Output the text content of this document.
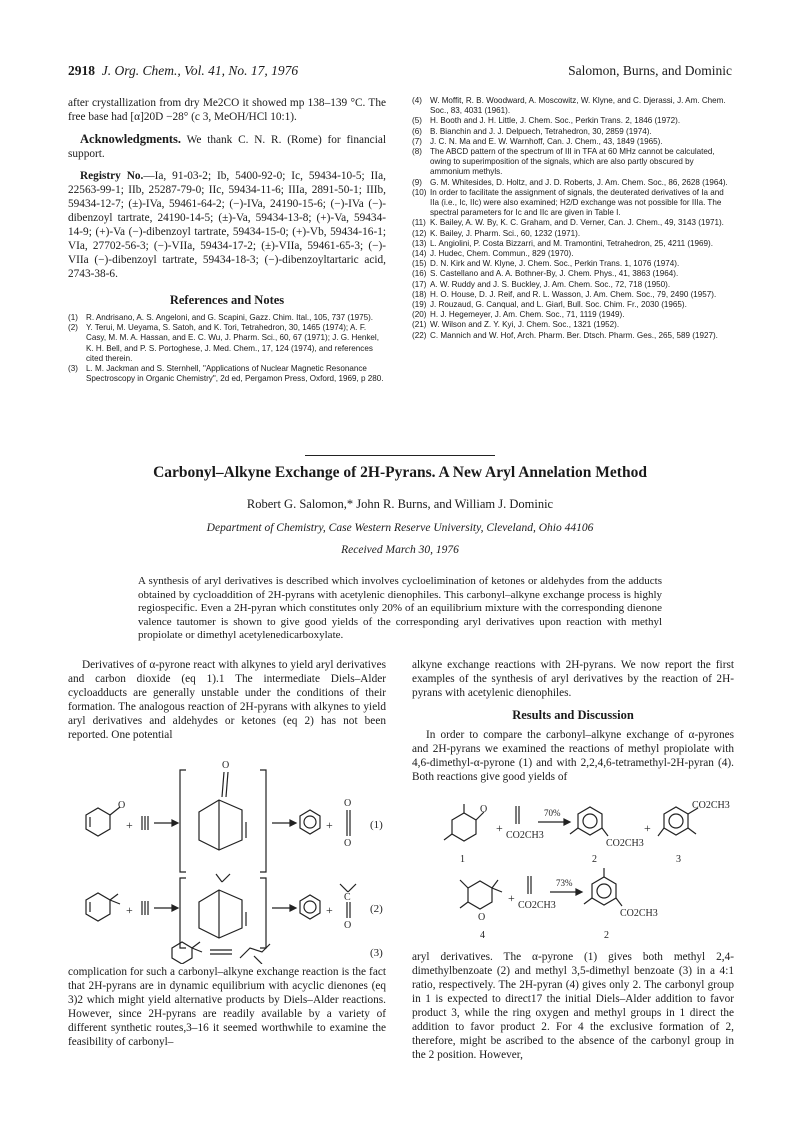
2918 J. Org. Chem., Vol. 41, No. 17, 1976	Salomon, Burns, and Dominic

after crystallization from dry Me2CO it showed mp 138–139 °C. The free base had [α]20D −28° (c 3, MeOH/HCl 10:1).

Acknowledgments. We thank C. N. R. (Rome) for financial support.

Registry No.—Ia, 91-03-2; Ib, 5400-92-0; Ic, 59434-10-5; IIa, 22563-99-1; IIb, 25287-79-0; IIc, 59434-11-6; IIIa, 2891-50-1; IIIb, 59434-12-7; (±)-IVa, 59461-64-2; (−)-IVa, 24190-15-6; (−)-IVa (−)-dibenzoyl tartrate, 24190-14-5; (±)-Va, 59434-13-8; (+)-Va, 59434-14-9; (+)-Va (−)-dibenzoyl tartrate, 59434-15-0; (+)-Vb, 59434-16-1; VIa, 27702-56-3; (−)-VIIa, 59434-17-2; (±)-VIIa, 59461-65-3; (−)-VIIa (−)-dibenzoyl tartrate, 59434-18-3; (−)-dibenzoyltartaric acid, 2743-38-6.

References and Notes

(1) R. Andrisano, A. S. Angeloni, and G. Scapini, Gazz. Chim. Ital., 105, 737 (1975).
(2) Y. Terui, M. Ueyama, S. Satoh, and K. Tori, Tetrahedron, 30, 1465 (1974); A. F. Casy, M. M. A. Hassan, and E. C. Wu, J. Pharm. Sci., 60, 67 (1971); J. G. Henkel, K. H. Bell, and P. S. Portoghese, J. Med. Chem., 17, 124 (1974), and references cited therein.
(3) L. M. Jackman and S. Sternhell, "Applications of Nuclear Magnetic Resonance Spectroscopy in Organic Chemistry", 2d ed, Pergamon Press, Oxford, 1969, p 280.
(4) W. Moffit, R. B. Woodward, A. Moscowitz, W. Klyne, and C. Djerassi, J. Am. Chem. Soc., 83, 4031 (1961).
(5) H. Booth and J. H. Little, J. Chem. Soc., Perkin Trans. 2, 1846 (1972).
(6) B. Bianchin and J. J. Delpuech, Tetrahedron, 30, 2859 (1974).
(7) J. C. N. Ma and E. W. Warnhoff, Can. J. Chem., 43, 1849 (1965).
(8) The ABCD pattern of the spectrum of III in TFA at 60 MHz cannot be calculated, owing to superimposition of the signals, which are also partly obscured by ammonium methyls.
(9) G. M. Whitesides, D. Holtz, and J. D. Roberts, J. Am. Chem. Soc., 86, 2628 (1964).
(10) In order to facilitate the assignment of signals, the deuterated derivatives of Ia and IIa (i.e., Ic, IIc) were also examined; H2/D exchange was not possible for IIIa. The spectral parameters for Ic and IIc are given in Table I.
(11) K. Bailey, A. W. By, K. C. Graham, and D. Verner, Can. J. Chem., 49, 3143 (1971).
(12) K. Bailey, J. Pharm. Sci., 60, 1232 (1971).
(13) L. Angiolini, P. Costa Bizzarri, and M. Tramontini, Tetrahedron, 25, 4211 (1969).
(14) J. Hudec, Chem. Commun., 829 (1970).
(15) D. N. Kirk and W. Klyne, J. Chem. Soc., Perkin Trans. 1, 1076 (1974).
(16) S. Castellano and A. A. Bothner-By, J. Chem. Phys., 41, 3863 (1964).
(17) A. W. Ruddy and J. S. Buckley, J. Am. Chem. Soc., 72, 718 (1950).
(18) H. O. House, D. J. Reif, and R. L. Wasson, J. Am. Chem. Soc., 79, 2490 (1957).
(19) J. Rouzaud, G. Canqual, and L. Giarl, Bull. Soc. Chim. Fr., 2030 (1965).
(20) H. J. Hegemeyer, J. Am. Chem. Soc., 71, 1119 (1949).
(21) W. Wilson and Z. Y. Kyi, J. Chem. Soc., 1321 (1952).
(22) C. Mannich and W. Hof, Arch. Pharm. Ber. Dtsch. Pharm. Ges., 265, 589 (1927).
Carbonyl–Alkyne Exchange of 2H-Pyrans. A New Aryl Annelation Method
Robert G. Salomon,* John R. Burns, and William J. Dominic
Department of Chemistry, Case Western Reserve University, Cleveland, Ohio 44106
Received March 30, 1976
A synthesis of aryl derivatives is described which involves cycloelimination of ketones or aldehydes from the adducts obtained by cycloaddition of 2H-pyrans with acetylenic dienophiles. This carbonyl–alkyne exchange process is highly regiospecific. Even a 2H-pyran which constitutes only 20% of an equilibrium mixture with the corresponding dienone valence tautomer is shown to give good yields of the corresponding aryl derivatives upon reaction with methyl propiolate or dimethyl acetylenedicarboxylate.

Derivatives of α-pyrone react with alkynes to yield aryl derivatives and carbon dioxide (eq 1).1 The intermediate Diels–Alder cycloadducts are generally unstable under the conditions of their formation. The analogous reaction of 2H-pyrans with alkynes to yield aryl derivatives and aldehydes or ketones (eq 2) has not been reported. One potential

O
+
O
+
O
O
(1)
+	+
C
O
(2)
(3)

complication for such a carbonyl–alkyne exchange reaction is the fact that 2H-pyrans are in dynamic equilibrium with acyclic dienones (eq 3)2 which might yield alternative products by Diels–Alder reactions. However, since 2H-pyrans are readily available by a variety of different synthetic routes,3–16 it seemed worthwhile to examine the feasibility of carbonyl–

alkyne exchange reactions with 2H-pyrans. We now report the first examples of the synthesis of aryl derivatives by the reaction of 2H-pyrans with acetylenic dienophiles.

Results and Discussion

In order to compare the carbonyl–alkyne exchange of α-pyrones and 2H-pyrans we examined the reactions of methyl propiolate with 4,6-dimethyl-α-pyrone (1) and with 2,2,4,6-tetramethyl-2H-pyran (4). Both reactions give good yields of

O
+
CO2CH3
70%
CO2CH3
+
CO2CH3
1	2	3
O
+
CO2CH3
73%
CO2CH3
4	2

aryl derivatives. The α-pyrone (1) gives both methyl 2,4-dimethylbenzoate (2) and methyl 3,5-dimethyl benzoate (3) in a 4:1 ratio, respectively. The 2H-pyran (4) gives only 2. The carbonyl group in 1 is expected to direct17 the initial Diels–Alder addition to favor product 3, while the ring oxygen and methyl groups in 1 direct the addition to favor product 2. For 4 the exclusive formation of 2, therefore, might be ascribed to the absence of the carbonyl group in the 2 position. However,
